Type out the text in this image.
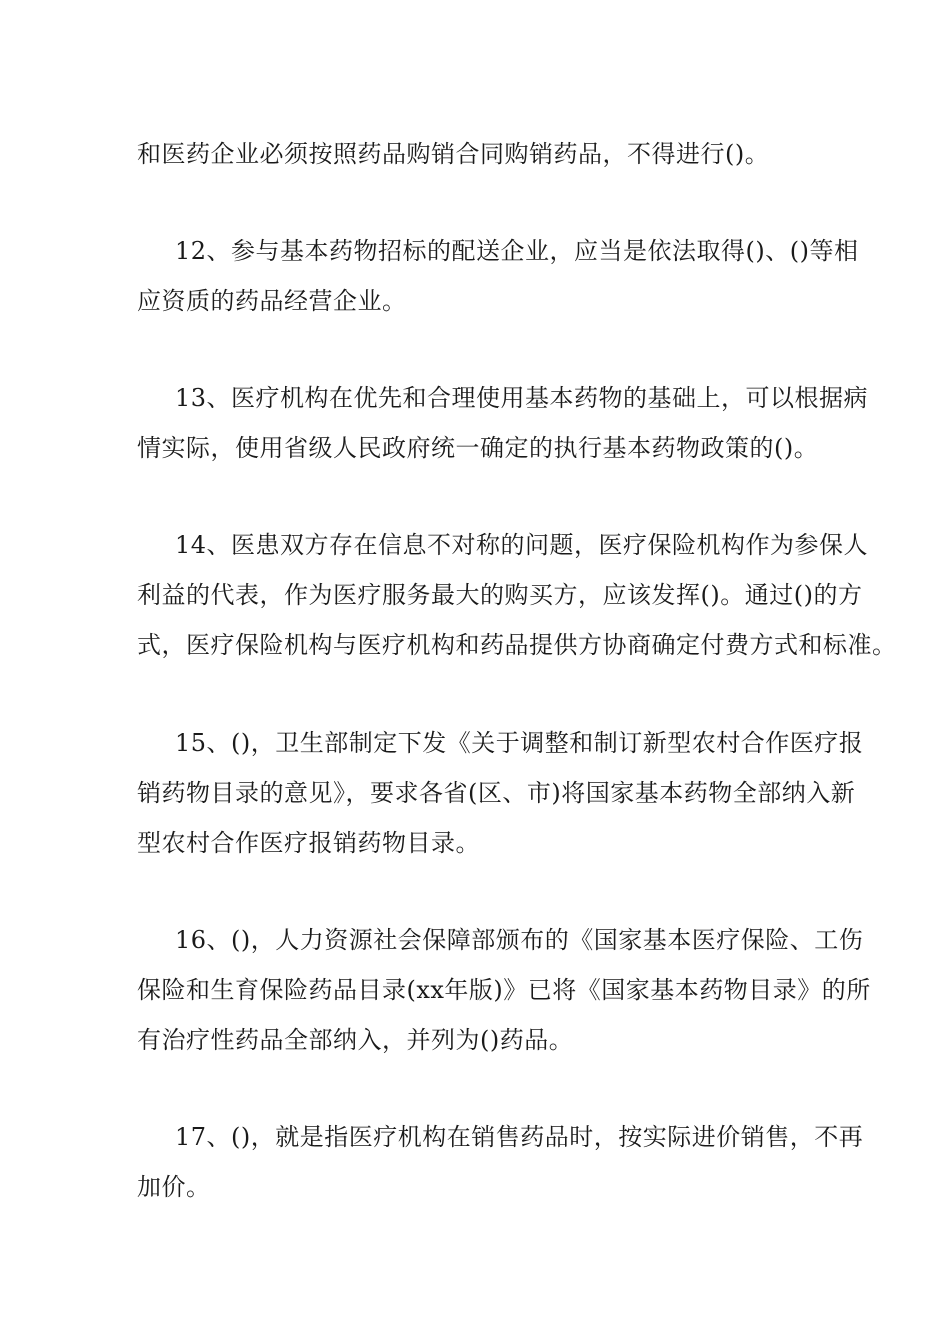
和医药企业必须按照药品购销合同购销药品，不得进行()。
12、参与基本药物招标的配送企业，应当是依法取得()、()等相
应资质的药品经营企业。
13、医疗机构在优先和合理使用基本药物的基础上，可以根据病
情实际，使用省级人民政府统一确定的执行基本药物政策的()。
14、医患双方存在信息不对称的问题，医疗保险机构作为参保人
利益的代表，作为医疗服务最大的购买方，应该发挥()。通过()的方
式，医疗保险机构与医疗机构和药品提供方协商确定付费方式和标准。
15、()，卫生部制定下发《关于调整和制订新型农村合作医疗报
销药物目录的意见》，要求各省(区、市)将国家基本药物全部纳入新
型农村合作医疗报销药物目录。
16、()，人力资源社会保障部颁布的《国家基本医疗保险、工伤
保险和生育保险药品目录(xx年版)》已将《国家基本药物目录》的所
有治疗性药品全部纳入，并列为()药品。
17、()，就是指医疗机构在销售药品时，按实际进价销售，不再
加价。
